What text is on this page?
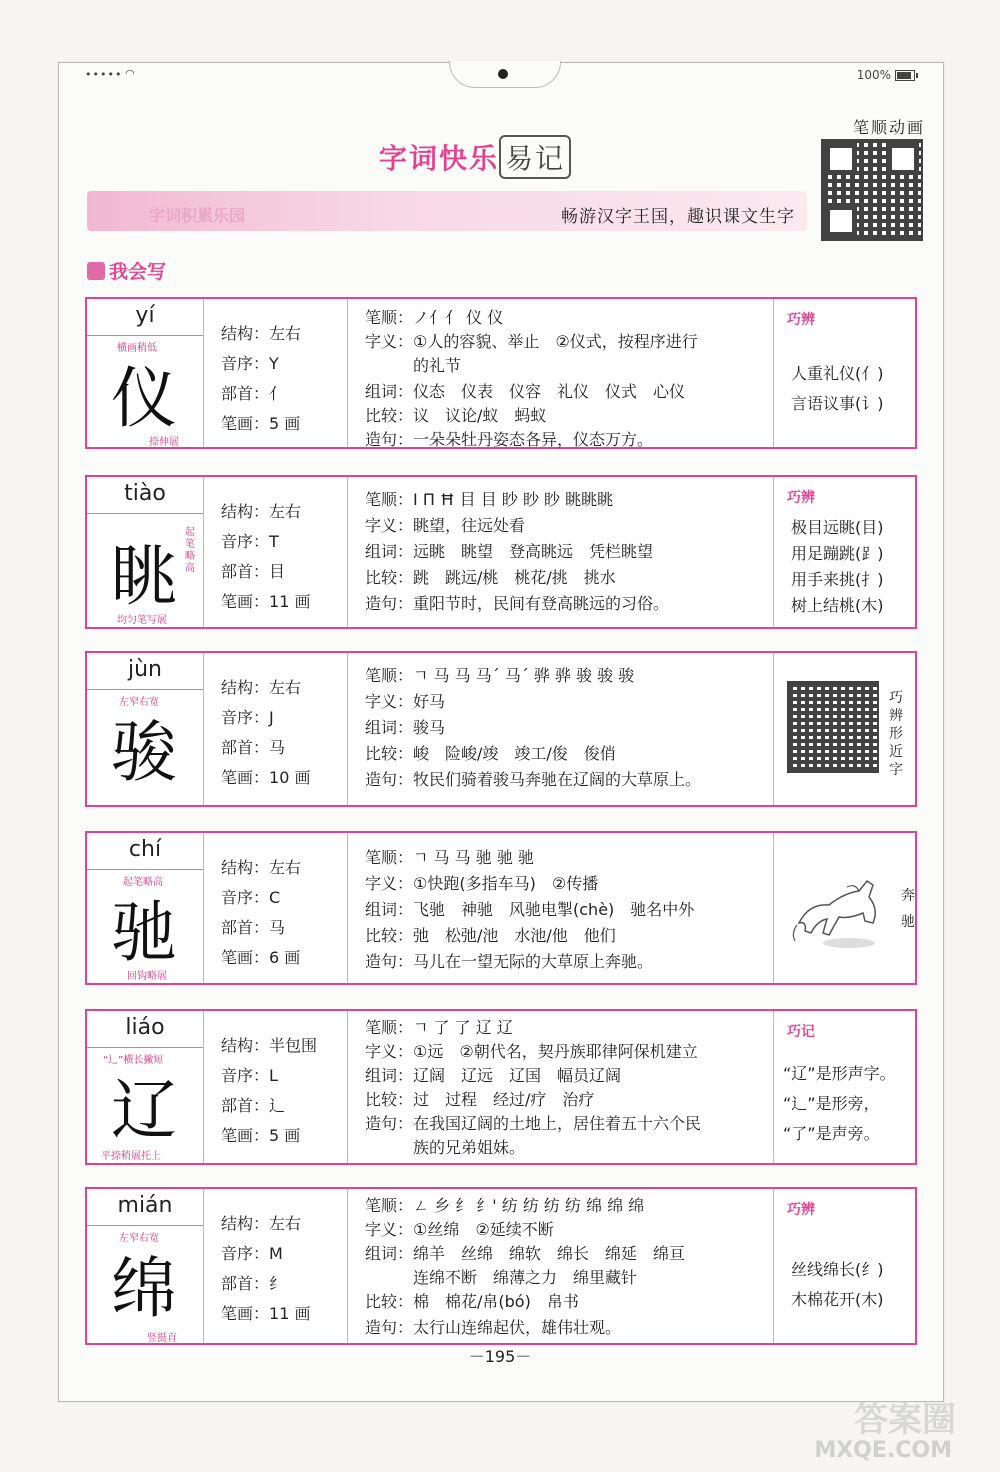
••••• ◠	100%
字词快乐 易记
笔顺动画
字词积累乐园	畅游汉字王国，趣识课文生字
我会写
yí
横画稍低
仪
捺伸展
结构：左右
音序：Y
部首：亻
笔画：5 画
笔顺：ノ亻亻 仪 仪
字义：①人的容貌、举止　②仪式，按程序进行
的礼节
组词：仪态　仪表　仪容　礼仪　仪式　心仪
比较：议　议论/蚁　蚂蚁
造句：一朵朵牡丹姿态各异，仪态万方。
巧辨
人重礼仪(亻)
言语议事(讠)
tiào
眺
起笔略高
均匀笔写展
结构：左右
音序：T
部首：目
笔画：11 画
笔顺：I Π Ħ 目 目 眇 眇 眇 眺眺眺
字义：眺望，往远处看
组词：远眺　眺望　登高眺远　凭栏眺望
比较：跳　跳远/桃　桃花/挑　挑水
造句：重阳节时，民间有登高眺远的习俗。
巧辨
极目远眺(目)
用足蹦跳(⻊)
用手来挑(扌)
树上结桃(木)
jùn
左窄右宽
骏
结构：左右
音序：J
部首：马
笔画：10 画
笔顺：ㄱ 马 马 马ˊ 马ˊ 骅 骅 骏 骏 骏
字义：好马
组词：骏马
比较：峻　险峻/竣　竣工/俊　俊俏
造句：牧民们骑着骏马奔驰在辽阔的大草原上。
巧辨形近字
chí
起笔略高
驰
回钩略展
结构：左右
音序：C
部首：马
笔画：6 画
笔顺：ㄱ 马 马 驰 驰 驰
字义：①快跑(多指车马)　②传播
组词：飞驰　神驰　风驰电掣(chè)　驰名中外
比较：弛　松弛/池　水池/他　他们
造句：马儿在一望无际的大草原上奔驰。
奔驰
liáo
“⻌”横长撇短
辽
平捺稍展托上
结构：半包围
音序：L
部首：⻌
笔画：5 画
笔顺：ㄱ 了 了 辽 辽
字义：①远　②朝代名，契丹族耶律阿保机建立
组词：辽阔　辽远　辽国　幅员辽阔
比较：过　过程　经过/疗　治疗
造句：在我国辽阔的土地上，居住着五十六个民
族的兄弟姐妹。
巧记
“辽”是形声字。
“⻌”是形旁，
“了”是声旁。
mián
左窄右宽
绵
竖挺直
结构：左右
音序：M
部首：纟
笔画：11 画
笔顺：ㄥ 乡 纟 纟' 纺 纺 纺 纺 绵 绵 绵
字义：①丝绵　②延续不断
组词：绵羊　丝绵　绵软　绵长　绵延　绵亘
连绵不断　绵薄之力　绵里藏针
比较：棉　棉花/帛(bó)　帛书
造句：太行山连绵起伏，雄伟壮观。
巧辨
丝线绵长(纟)
木棉花开(木)
－195－
答案圈
MXQE.COM
